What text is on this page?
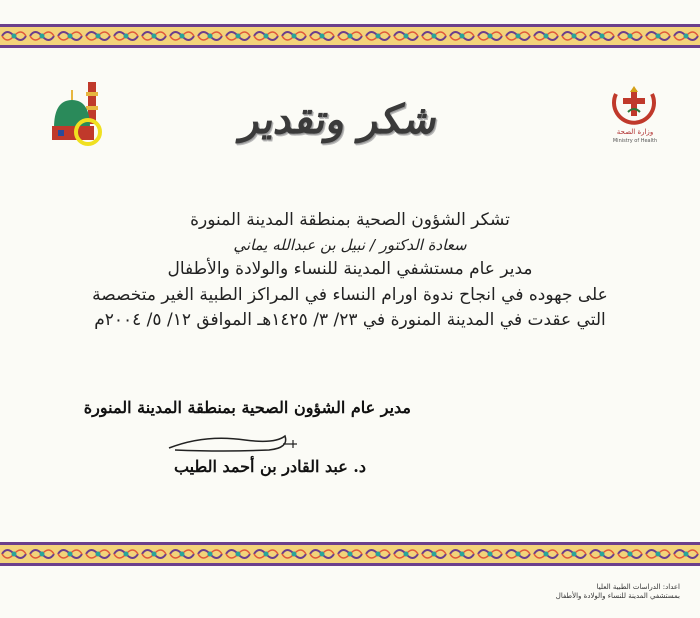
وزارة الصحة
Ministry of Health
شكر وتقدير
تشكر الشؤون الصحية بمنطقة المدينة المنورة
سعادة الدكتور / نبيل بن عبدالله يماني
مدير عام مستشفي المدينة للنساء والولادة والأطفال
على جهوده في انجاح ندوة اورام النساء في المراكز الطبية الغير متخصصة
التي عقدت في المدينة المنورة في ٢٣/ ٣/ ١٤٢٥هـ الموافق ١٢/ ٥/ ٢٠٠٤م
مدير عام الشؤون الصحية بمنطقة المدينة المنورة
د. عبد القادر بن أحمد الطيب
اعداد: الدراسات الطبية العليا
بمستشفي المدينة للنساء والولادة والأطفال
